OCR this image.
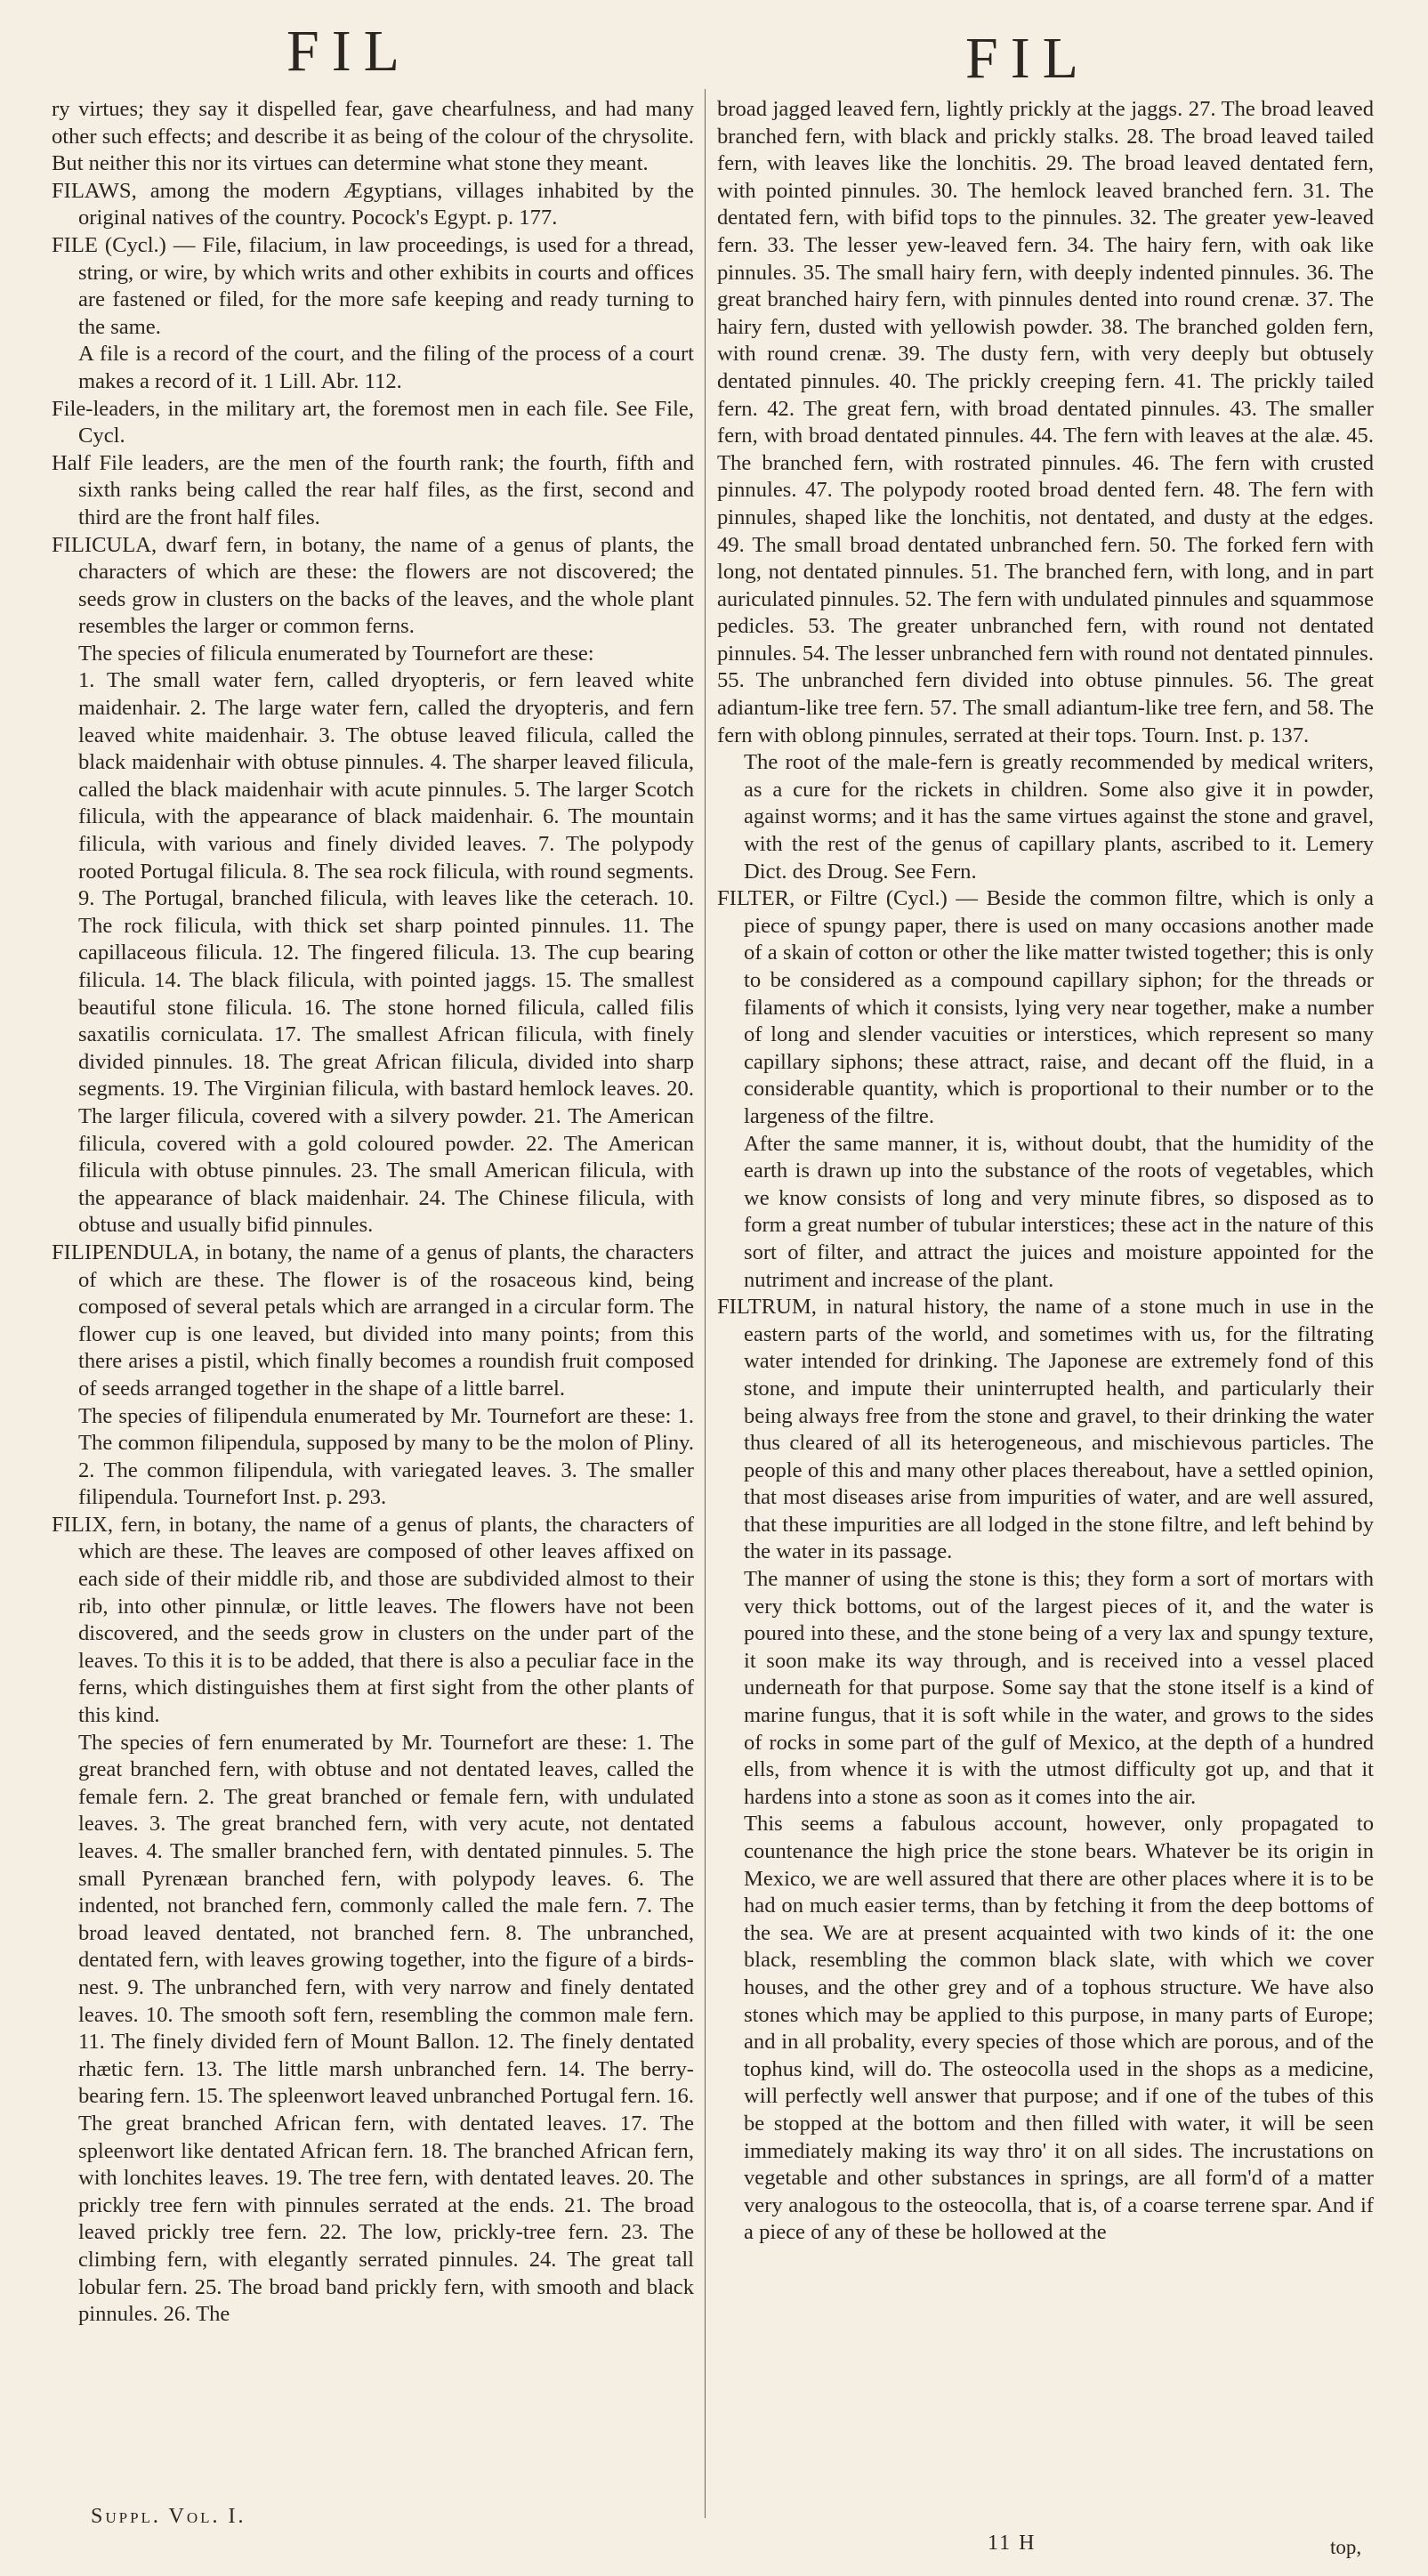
FIL	FIL

ry virtues; they say it dispelled fear, gave chearfulness, and had many other such effects; and describe it as being of the colour of the chrysolite. But neither this nor its virtues can determine what stone they meant.

FILAWS, among the modern Ægyptians, villages inhabited by the original natives of the country. Pocock's Egypt. p. 177.

FILE (Cycl.) — File, filacium, in law proceedings, is used for a thread, string, or wire, by which writs and other exhibits in courts and offices are fastened or filed, for the more safe keeping and ready turning to the same.

A file is a record of the court, and the filing of the process of a court makes a record of it. 1 Lill. Abr. 112.

File-leaders, in the military art, the foremost men in each file. See File, Cycl.

Half File leaders, are the men of the fourth rank; the fourth, fifth and sixth ranks being called the rear half files, as the first, second and third are the front half files.

FILICULA, dwarf fern, in botany, the name of a genus of plants, the characters of which are these: the flowers are not discovered; the seeds grow in clusters on the backs of the leaves, and the whole plant resembles the larger or common ferns.

The species of filicula enumerated by Tournefort are these:

1. The small water fern, called dryopteris, or fern leaved white maidenhair. 2. The large water fern, called the dryopteris, and fern leaved white maidenhair. 3. The obtuse leaved filicula, called the black maidenhair with obtuse pinnules. 4. The sharper leaved filicula, called the black maidenhair with acute pinnules. 5. The larger Scotch filicula, with the appearance of black maidenhair. 6. The mountain filicula, with various and finely divided leaves. 7. The polypody rooted Portugal filicula. 8. The sea rock filicula, with round segments. 9. The Portugal, branched filicula, with leaves like the ceterach. 10. The rock filicula, with thick set sharp pointed pinnules. 11. The capillaceous filicula. 12. The fingered filicula. 13. The cup bearing filicula. 14. The black filicula, with pointed jaggs. 15. The smallest beautiful stone filicula. 16. The stone horned filicula, called filis saxatilis corniculata. 17. The smallest African filicula, with finely divided pinnules. 18. The great African filicula, divided into sharp segments. 19. The Virginian filicula, with bastard hemlock leaves. 20. The larger filicula, covered with a silvery powder. 21. The American filicula, covered with a gold coloured powder. 22. The American filicula with obtuse pinnules. 23. The small American filicula, with the appearance of black maidenhair. 24. The Chinese filicula, with obtuse and usually bifid pinnules.

FILIPENDULA, in botany, the name of a genus of plants, the characters of which are these. The flower is of the rosaceous kind, being composed of several petals which are arranged in a circular form. The flower cup is one leaved, but divided into many points; from this there arises a pistil, which finally becomes a roundish fruit composed of seeds arranged together in the shape of a little barrel.

The species of filipendula enumerated by Mr. Tournefort are these: 1. The common filipendula, supposed by many to be the molon of Pliny. 2. The common filipendula, with variegated leaves. 3. The smaller filipendula. Tournefort Inst. p. 293.

FILIX, fern, in botany, the name of a genus of plants, the characters of which are these. The leaves are composed of other leaves affixed on each side of their middle rib, and those are subdivided almost to their rib, into other pinnulæ, or little leaves. The flowers have not been discovered, and the seeds grow in clusters on the under part of the leaves. To this it is to be added, that there is also a peculiar face in the ferns, which distinguishes them at first sight from the other plants of this kind.

The species of fern enumerated by Mr. Tournefort are these: 1. The great branched fern, with obtuse and not dentated leaves, called the female fern. 2. The great branched or female fern, with undulated leaves. 3. The great branched fern, with very acute, not dentated leaves. 4. The smaller branched fern, with dentated pinnules. 5. The small Pyrenæan branched fern, with polypody leaves. 6. The indented, not branched fern, commonly called the male fern. 7. The broad leaved dentated, not branched fern. 8. The unbranched, dentated fern, with leaves growing together, into the figure of a birds-nest. 9. The unbranched fern, with very narrow and finely dentated leaves. 10. The smooth soft fern, resembling the common male fern. 11. The finely divided fern of Mount Ballon. 12. The finely dentated rhætic fern. 13. The little marsh unbranched fern. 14. The berry-bearing fern. 15. The spleenwort leaved unbranched Portugal fern. 16. The great branched African fern, with dentated leaves. 17. The spleenwort like dentated African fern. 18. The branched African fern, with lonchites leaves. 19. The tree fern, with dentated leaves. 20. The prickly tree fern with pinnules serrated at the ends. 21. The broad leaved prickly tree fern. 22. The low, prickly-tree fern. 23. The climbing fern, with elegantly serrated pinnules. 24. The great tall lobular fern. 25. The broad band prickly fern, with smooth and black pinnules. 26. The

broad jagged leaved fern, lightly prickly at the jaggs. 27. The broad leaved branched fern, with black and prickly stalks. 28. The broad leaved tailed fern, with leaves like the lonchitis. 29. The broad leaved dentated fern, with pointed pinnules. 30. The hemlock leaved branched fern. 31. The dentated fern, with bifid tops to the pinnules. 32. The greater yew-leaved fern. 33. The lesser yew-leaved fern. 34. The hairy fern, with oak like pinnules. 35. The small hairy fern, with deeply indented pinnules. 36. The great branched hairy fern, with pinnules dented into round crenæ. 37. The hairy fern, dusted with yellowish powder. 38. The branched golden fern, with round crenæ. 39. The dusty fern, with very deeply but obtusely dentated pinnules. 40. The prickly creeping fern. 41. The prickly tailed fern. 42. The great fern, with broad dentated pinnules. 43. The smaller fern, with broad dentated pinnules. 44. The fern with leaves at the alæ. 45. The branched fern, with rostrated pinnules. 46. The fern with crusted pinnules. 47. The polypody rooted broad dented fern. 48. The fern with pinnules, shaped like the lonchitis, not dentated, and dusty at the edges. 49. The small broad dentated unbranched fern. 50. The forked fern with long, not dentated pinnules. 51. The branched fern, with long, and in part auriculated pinnules. 52. The fern with undulated pinnules and squammose pedicles. 53. The greater unbranched fern, with round not dentated pinnules. 54. The lesser unbranched fern with round not dentated pinnules. 55. The unbranched fern divided into obtuse pinnules. 56. The great adiantum-like tree fern. 57. The small adiantum-like tree fern, and 58. The fern with oblong pinnules, serrated at their tops. Tourn. Inst. p. 137.

The root of the male-fern is greatly recommended by medical writers, as a cure for the rickets in children. Some also give it in powder, against worms; and it has the same virtues against the stone and gravel, with the rest of the genus of capillary plants, ascribed to it. Lemery Dict. des Droug. See Fern.

FILTER, or Filtre (Cycl.) — Beside the common filtre, which is only a piece of spungy paper, there is used on many occasions another made of a skain of cotton or other the like matter twisted together; this is only to be considered as a compound capillary siphon; for the threads or filaments of which it consists, lying very near together, make a number of long and slender vacuities or interstices, which represent so many capillary siphons; these attract, raise, and decant off the fluid, in a considerable quantity, which is proportional to their number or to the largeness of the filtre.

After the same manner, it is, without doubt, that the humidity of the earth is drawn up into the substance of the roots of vegetables, which we know consists of long and very minute fibres, so disposed as to form a great number of tubular interstices; these act in the nature of this sort of filter, and attract the juices and moisture appointed for the nutriment and increase of the plant.

FILTRUM, in natural history, the name of a stone much in use in the eastern parts of the world, and sometimes with us, for the filtrating water intended for drinking. The Japonese are extremely fond of this stone, and impute their uninterrupted health, and particularly their being always free from the stone and gravel, to their drinking the water thus cleared of all its heterogeneous, and mischievous particles. The people of this and many other places thereabout, have a settled opinion, that most diseases arise from impurities of water, and are well assured, that these impurities are all lodged in the stone filtre, and left behind by the water in its passage.

The manner of using the stone is this; they form a sort of mortars with very thick bottoms, out of the largest pieces of it, and the water is poured into these, and the stone being of a very lax and spungy texture, it soon make its way through, and is received into a vessel placed underneath for that purpose. Some say that the stone itself is a kind of marine fungus, that it is soft while in the water, and grows to the sides of rocks in some part of the gulf of Mexico, at the depth of a hundred ells, from whence it is with the utmost difficulty got up, and that it hardens into a stone as soon as it comes into the air.

This seems a fabulous account, however, only propagated to countenance the high price the stone bears. Whatever be its origin in Mexico, we are well assured that there are other places where it is to be had on much easier terms, than by fetching it from the deep bottoms of the sea. We are at present acquainted with two kinds of it: the one black, resembling the common black slate, with which we cover houses, and the other grey and of a tophous structure. We have also stones which may be applied to this purpose, in many parts of Europe; and in all probality, every species of those which are porous, and of the tophus kind, will do. The osteocolla used in the shops as a medicine, will perfectly well answer that purpose; and if one of the tubes of this be stopped at the bottom and then filled with water, it will be seen immediately making its way thro' it on all sides. The incrustations on vegetable and other substances in springs, are all form'd of a matter very analogous to the osteocolla, that is, of a coarse terrene spar. And if a piece of any of these be hollowed at the

Suppl. Vol. I.
11 H	top,
